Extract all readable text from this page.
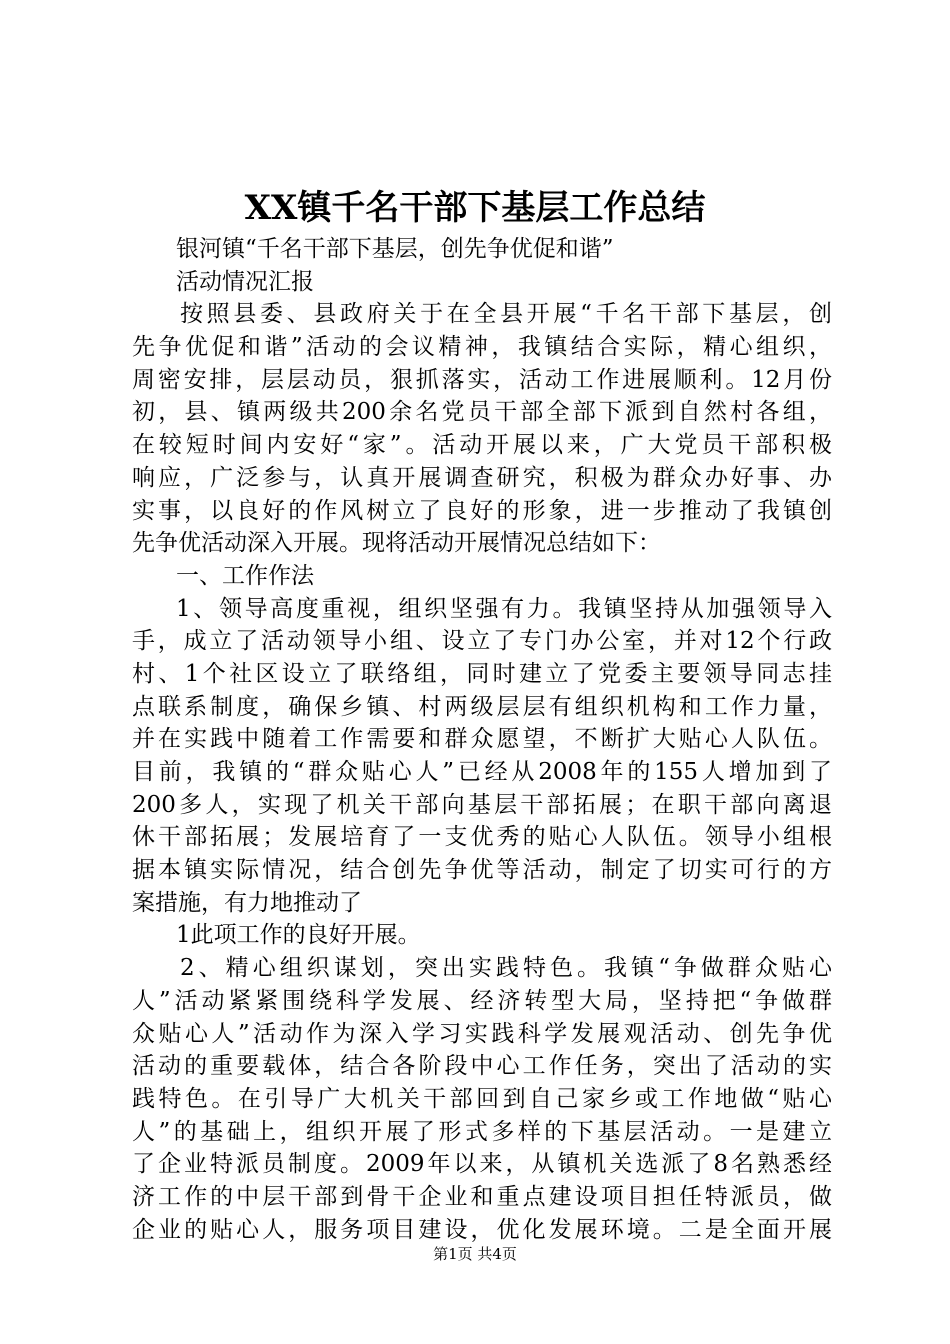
XX镇千名干部下基层工作总结
银河镇“千名干部下基层，创先争优促和谐”
活动情况汇报
按照县委、县政府关于在全县开展“千名干部下基层，创
先争优促和谐”活动的会议精神，我镇结合实际，精心组织，
周密安排，层层动员，狠抓落实，活动工作进展顺利。12月份
初，县、镇两级共200余名党员干部全部下派到自然村各组，
在较短时间内安好“家”。活动开展以来，广大党员干部积极
响应，广泛参与，认真开展调查研究，积极为群众办好事、办
实事，以良好的作风树立了良好的形象，进一步推动了我镇创
先争优活动深入开展。现将活动开展情况总结如下：
一、工作作法
1、领导高度重视，组织坚强有力。我镇坚持从加强领导入
手，成立了活动领导小组、设立了专门办公室，并对12个行政
村、1个社区设立了联络组，同时建立了党委主要领导同志挂
点联系制度，确保乡镇、村两级层层有组织机构和工作力量，
并在实践中随着工作需要和群众愿望，不断扩大贴心人队伍。
目前，我镇的“群众贴心人”已经从2008年的155人增加到了
200多人，实现了机关干部向基层干部拓展；在职干部向离退
休干部拓展；发展培育了一支优秀的贴心人队伍。领导小组根
据本镇实际情况，结合创先争优等活动，制定了切实可行的方
案措施，有力地推动了
1此项工作的良好开展。
2、精心组织谋划，突出实践特色。我镇“争做群众贴心
人”活动紧紧围绕科学发展、经济转型大局，坚持把“争做群
众贴心人”活动作为深入学习实践科学发展观活动、创先争优
活动的重要载体，结合各阶段中心工作任务，突出了活动的实
践特色。在引导广大机关干部回到自己家乡或工作地做“贴心
人”的基础上，组织开展了形式多样的下基层活动。一是建立
了企业特派员制度。2009年以来，从镇机关选派了8名熟悉经
济工作的中层干部到骨干企业和重点建设项目担任特派员，做
企业的贴心人，服务项目建设，优化发展环境。二是全面开展
第1页 共4页
